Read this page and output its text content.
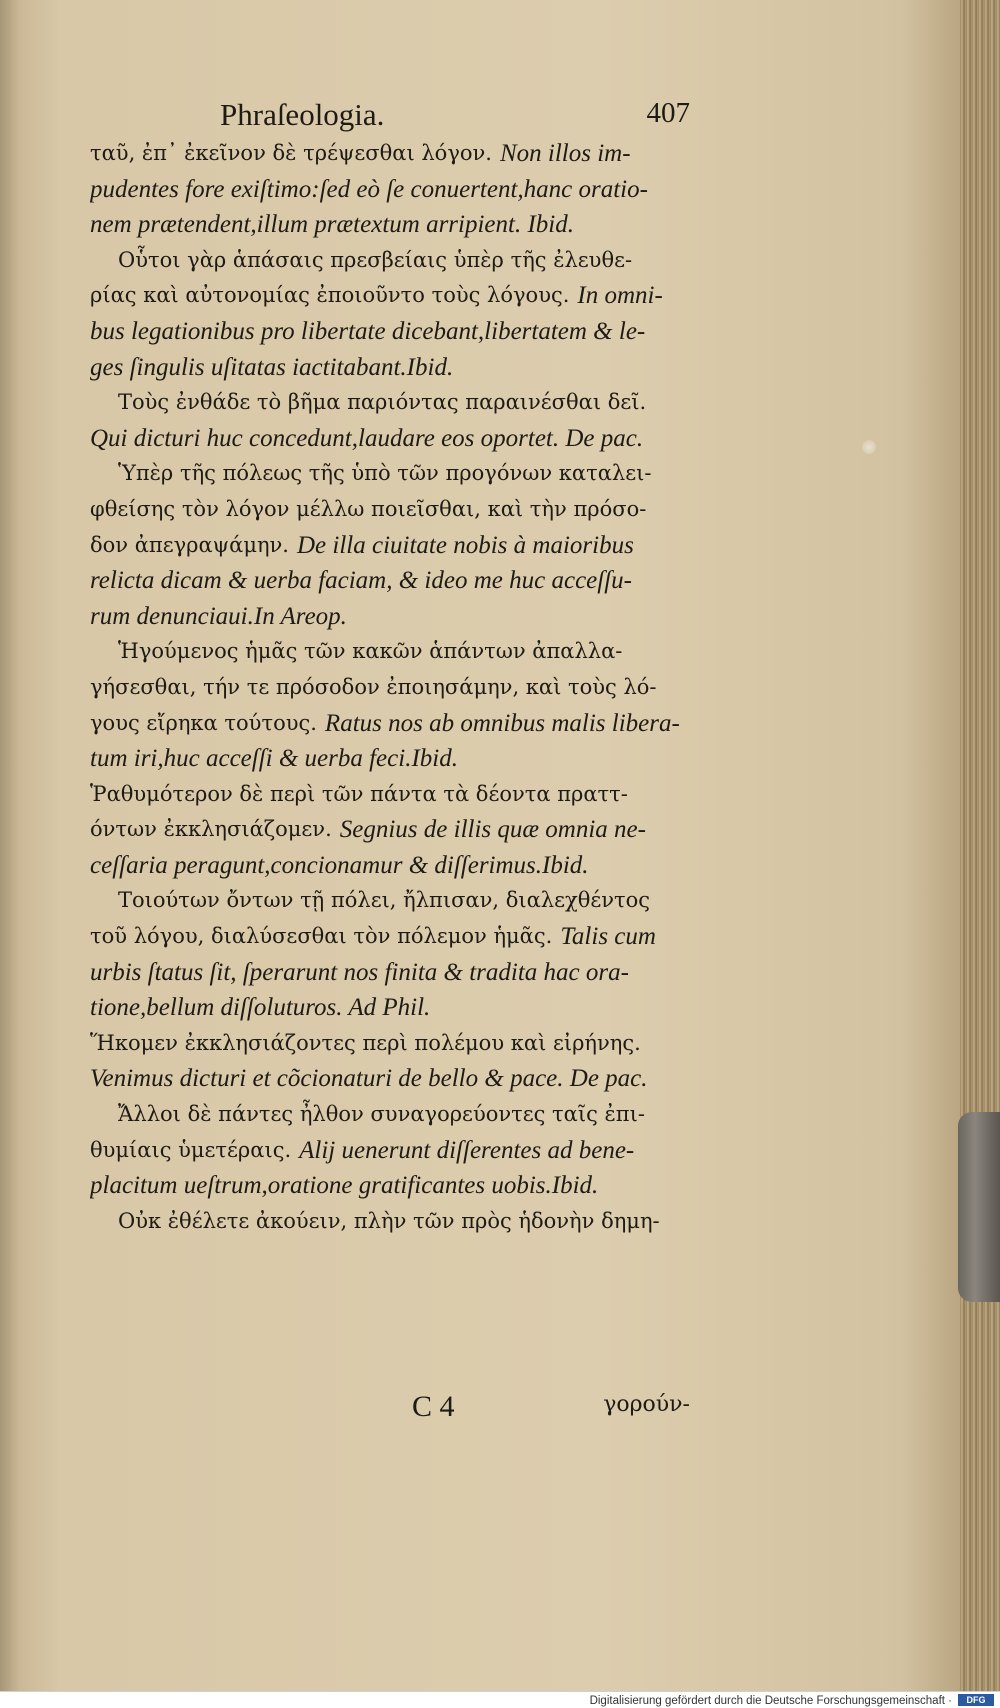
Phraſeologia.	407
ταῦ, ἐπ᾽ ἐκεῖνον δὲ τρέψεσθαι λόγον. Non illos im-
pudentes fore exiſtimo:ſed eò ſe conuertent,hanc oratio-
nem prætendent,illum prætextum arripient. Ibid.
Οὗτοι γὰρ ἁπάσαις πρεσβείαις ὑπὲρ τῆς ἐλευθε-
ρίας καὶ αὐτονομίας ἐποιοῦντο τοὺς λόγους. In omni-
bus legationibus pro libertate dicebant,libertatem & le-
ges ſingulis uſitatas iactitabant.Ibid.
Τοὺς ἐνθάδε τὸ βῆμα παριόντας παραινέσθαι δεῖ.
Qui dicturi huc concedunt,laudare eos oportet. De pac.
Ὑπὲρ τῆς πόλεως τῆς ὑπὸ τῶν προγόνων καταλει-
φθείσης τὸν λόγον μέλλω ποιεῖσθαι, καὶ τὴν πρόσο-
δον ἀπεγραψάμην. De illa ciuitate nobis à maioribus
relicta dicam & uerba faciam, & ideo me huc acceſſu-
rum denunciaui.In Areop.
Ἡγούμενος ἡμᾶς τῶν κακῶν ἁπάντων ἀπαλλα-
γήσεσθαι, τήν τε πρόσοδον ἐποιησάμην, καὶ τοὺς λό-
γους εἴρηκα τούτους. Ratus nos ab omnibus malis libera-
tum iri,huc acceſſi & uerba feci.Ibid.
Ῥαθυμότερον δὲ περὶ τῶν πάντα τὰ δέοντα πραττ-
όντων ἐκκλησιάζομεν. Segnius de illis quæ omnia ne-
ceſſaria peragunt,concionamur & diſſerimus.Ibid.
Τοιούτων ὄντων τῇ πόλει, ἤλπισαν, διαλεχθέντος
τοῦ λόγου, διαλύσεσθαι τὸν πόλεμον ἡμᾶς. Talis cum
urbis ſtatus ſit, ſperarunt nos finita & tradita hac ora-
tione,bellum diſſoluturos. Ad Phil.
Ἥκομεν ἐκκλησιάζοντες περὶ πολέμου καὶ εἰρήνης.
Venimus dicturi et cõcionaturi de bello & pace. De pac.
Ἄλλοι δὲ πάντες ἦλθον συναγορεύοντες ταῖς ἐπι-
θυμίαις ὑμετέραις. Alij uenerunt diſſerentes ad bene-
placitum ueſtrum,oratione gratificantes uobis.Ibid.
Οὐκ ἐθέλετε ἀκούειν, πλὴν τῶν πρὸς ἡδονὴν δημη-
C 4	γορούν-
Digitalisierung gefördert durch die Deutsche Forschungsgemeinschaft ·	DFG
